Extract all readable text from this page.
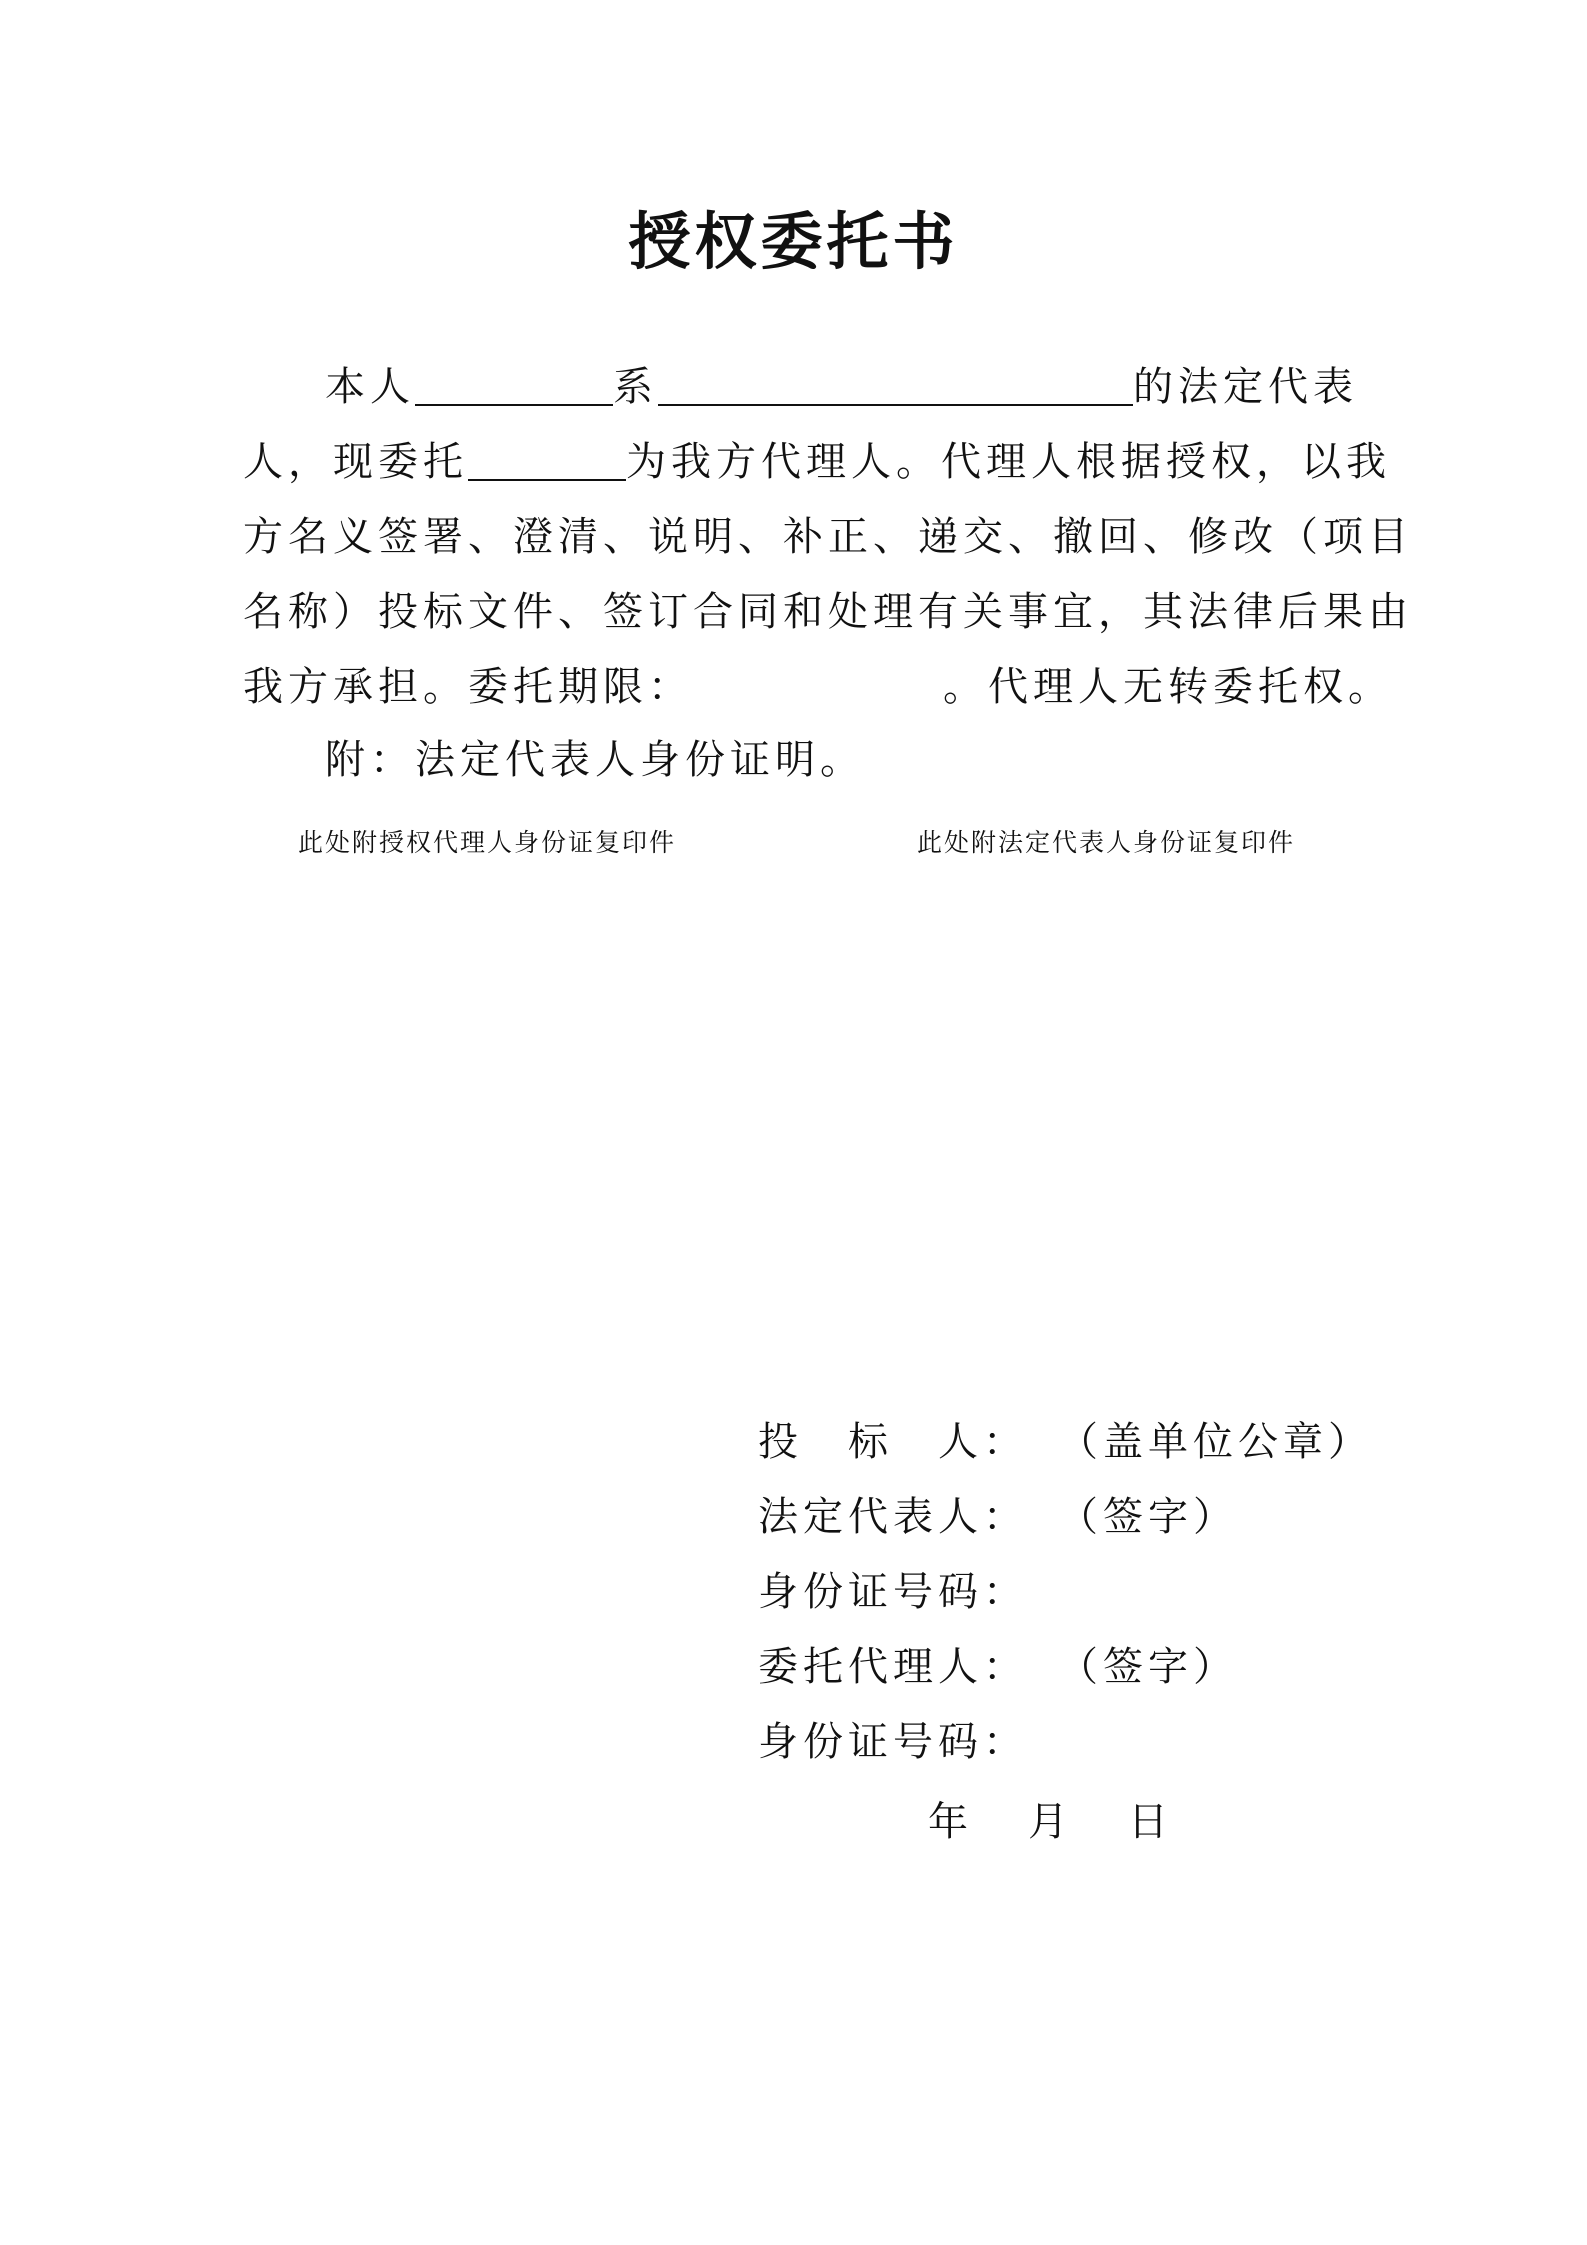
授权委托书
本人	系	的法定代表
人，现委托	为我方代理人。代理人根据授权，以我
方名义签署、澄清、说明、补正、递交、撤回、修改（项目
名称）投标文件、签订合同和处理有关事宜，其法律后果由
我方承担。委托期限：	。代理人无转委托权。
附：法定代表人身份证明。
此处附授权代理人身份证复印件	此处附法定代表人身份证复印件
投　标　人： （盖单位公章）
法定代表人： （签字）
身份证号码：
委托代理人： （签字）
身份证号码：
年 月 日
